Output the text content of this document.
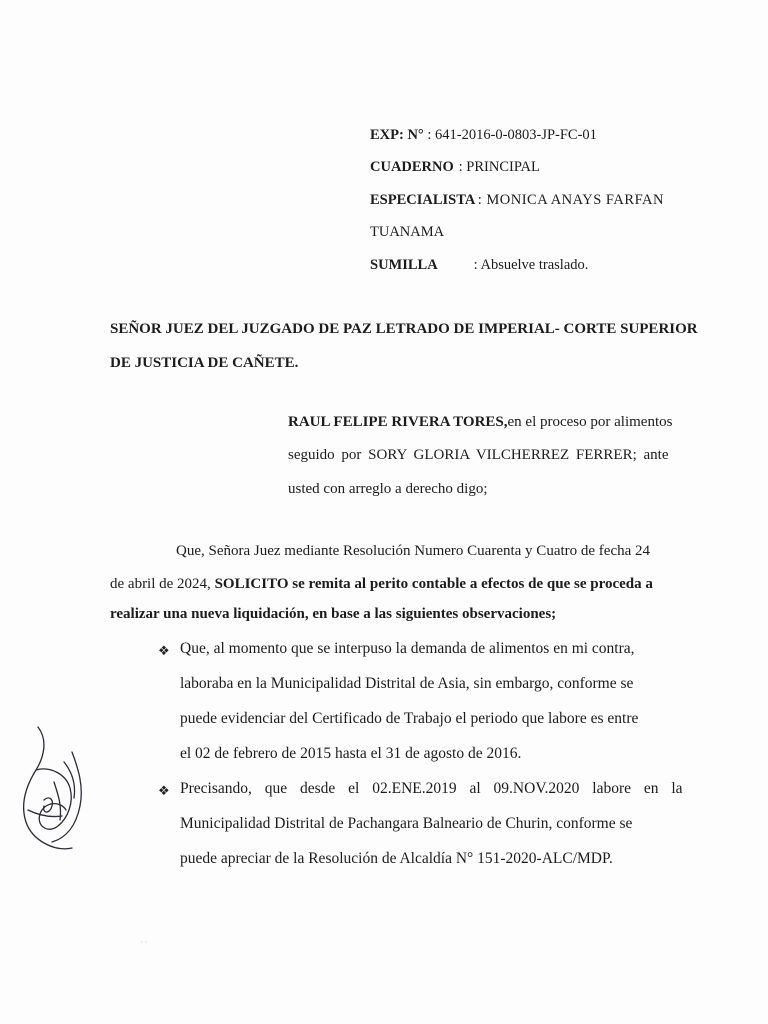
EXP: N° : 641-2016-0-0803-JP-FC-01
CUADERNO : PRINCIPAL
ESPECIALISTA : MONICA ANAYS FARFAN
TUANAMA
SUMILLA : Absuelve traslado.
SEÑOR JUEZ DEL JUZGADO DE PAZ LETRADO DE IMPERIAL- CORTE SUPERIOR
DE JUSTICIA DE CAÑETE.
RAUL FELIPE RIVERA TORES, en el proceso por alimentos
seguido por SORY GLORIA VILCHERREZ FERRER; ante
usted con arreglo a derecho digo;
Que, Señora Juez mediante Resolución Numero Cuarenta y Cuatro de fecha 24
de abril de 2024, SOLICITO se remita al perito contable a efectos de que se proceda a
realizar una nueva liquidación, en base a las siguientes observaciones;
❖ Que, al momento que se interpuso la demanda de alimentos en mi contra,
laboraba en la Municipalidad Distrital de Asia, sin embargo, conforme se
puede evidenciar del Certificado de Trabajo el periodo que labore es entre
el 02 de febrero de 2015 hasta el 31 de agosto de 2016.
❖ Precisando, que desde el 02.ENE.2019 al 09.NOV.2020 labore en la
Municipalidad Distrital de Pachangara Balneario de Churin, conforme se
puede apreciar de la Resolución de Alcaldía N° 151-2020-ALC/MDP.
· ·
